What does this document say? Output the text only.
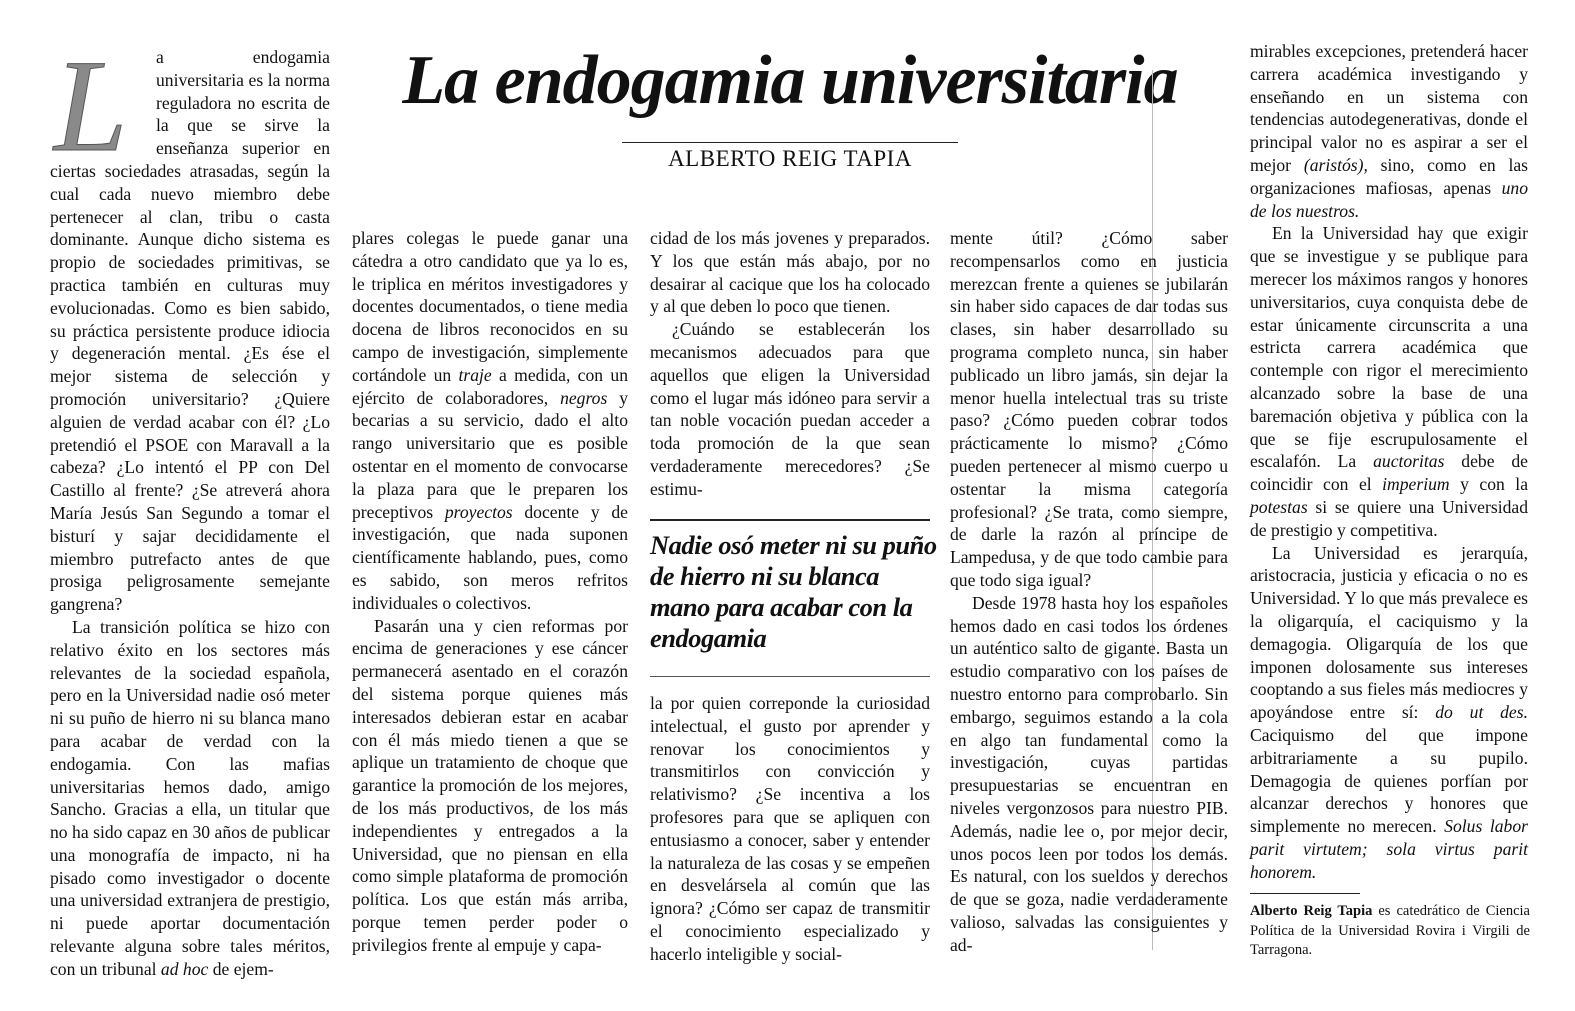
La endogamia universitaria
ALBERTO REIG TAPIA
L	a endogamia universitaria es la norma reguladora no escrita de la que se sirve la enseñanza superior en ciertas sociedades atrasadas, según la cual cada nuevo miembro debe pertenecer al clan, tribu o casta dominante. Aunque dicho sistema es propio de sociedades primitivas, se practica también en culturas muy evolucionadas. Como es bien sabido, su práctica persistente produce idiocia y degeneración mental. ¿Es ése el mejor sistema de selección y promoción universitario? ¿Quiere alguien de verdad acabar con él? ¿Lo pretendió el PSOE con Maravall a la cabeza? ¿Lo intentó el PP con Del Castillo al frente? ¿Se atreverá ahora María Jesús San Segundo a tomar el bisturí y sajar decididamente el miembro putrefacto antes de que prosiga peligrosamente semejante gangrena?

La transición política se hizo con relativo éxito en los sectores más relevantes de la sociedad española, pero en la Universidad nadie osó meter ni su puño de hierro ni su blanca mano para acabar de verdad con la endogamia. Con las mafias universitarias hemos dado, amigo Sancho. Gracias a ella, un titular que no ha sido capaz en 30 años de publicar una monografía de impacto, ni ha pisado como investigador o docente una universidad extranjera de prestigio, ni puede aportar documentación relevante alguna sobre tales méritos, con un tribunal ad hoc de ejem-

plares colegas le puede ganar una cátedra a otro candidato que ya lo es, le triplica en méritos investigadores y docentes documentados, o tiene media docena de libros reconocidos en su campo de investigación, simplemente cortándole un traje a medida, con un ejército de colaboradores, negros y becarias a su servicio, dado el alto rango universitario que es posible ostentar en el momento de convocarse la plaza para que le preparen los preceptivos proyectos docente y de investigación, que nada suponen científicamente hablando, pues, como es sabido, son meros refritos individuales o colectivos.

Pasarán una y cien reformas por encima de generaciones y ese cáncer permanecerá asentado en el corazón del sistema porque quienes más interesados debieran estar en acabar con él más miedo tienen a que se aplique un tratamiento de choque que garantice la promoción de los mejores, de los más productivos, de los más independientes y entregados a la Universidad, que no piensan en ella como simple plataforma de promoción política. Los que están más arriba, porque temen perder poder o privilegios frente al empuje y capa-

cidad de los más jovenes y preparados. Y los que están más abajo, por no desairar al cacique que los ha colocado y al que deben lo poco que tienen.

¿Cuándo se establecerán los mecanismos adecuados para que aquellos que eligen la Universidad como el lugar más idóneo para servir a tan noble vocación puedan acceder a toda promoción de la que sean verdaderamente merecedores? ¿Se estimu-

Nadie osó meter ni su puño de hierro ni su blanca mano para acabar con la endogamia

la por quien correponde la curiosidad intelectual, el gusto por aprender y renovar los conocimientos y transmitirlos con convicción y relativismo? ¿Se incentiva a los profesores para que se apliquen con entusiasmo a conocer, saber y entender la naturaleza de las cosas y se empeñen en desvelársela al común que las ignora? ¿Cómo ser capaz de transmitir el conocimiento especializado y hacerlo inteligible y social-

mente útil? ¿Cómo saber recompensarlos como en justicia merezcan frente a quienes se jubilarán sin haber sido capaces de dar todas sus clases, sin haber desarrollado su programa completo nunca, sin haber publicado un libro jamás, sin dejar la menor huella intelectual tras su triste paso? ¿Cómo pueden cobrar todos prácticamente lo mismo? ¿Cómo pueden pertenecer al mismo cuerpo u ostentar la misma categoría profesional? ¿Se trata, como siempre, de darle la razón al príncipe de Lampedusa, y de que todo cambie para que todo siga igual?

Desde 1978 hasta hoy los españoles hemos dado en casi todos los órdenes un auténtico salto de gigante. Basta un estudio comparativo con los países de nuestro entorno para comprobarlo. Sin embargo, seguimos estando a la cola en algo tan fundamental como la investigación, cuyas partidas presupuestarias se encuentran en niveles vergonzosos para nuestro PIB. Además, nadie lee o, por mejor decir, unos pocos leen por todos los demás. Es natural, con los sueldos y derechos de que se goza, nadie verdaderamente valioso, salvadas las consiguientes y ad-

mirables excepciones, pretenderá hacer carrera académica investigando y enseñando en un sistema con tendencias autodegenerativas, donde el principal valor no es aspirar a ser el mejor (aristós), sino, como en las organizaciones mafiosas, apenas uno de los nuestros.

En la Universidad hay que exigir que se investigue y se publique para merecer los máximos rangos y honores universitarios, cuya conquista debe de estar únicamente circunscrita a una estricta carrera académica que contemple con rigor el merecimiento alcanzado sobre la base de una baremación objetiva y pública con la que se fije escrupulosamente el escalafón. La auctoritas debe de coincidir con el imperium y con la potestas si se quiere una Universidad de prestigio y competitiva.

La Universidad es jerarquía, aristocracia, justicia y eficacia o no es Universidad. Y lo que más prevalece es la oligarquía, el caciquismo y la demagogia. Oligarquía de los que imponen dolosamente sus intereses cooptando a sus fieles más mediocres y apoyándose entre sí: do ut des. Caciquismo del que impone arbitrariamente a su pupilo. Demagogia de quienes porfían por alcanzar derechos y honores que simplemente no merecen. Solus labor parit virtutem; sola virtus parit honorem.

Alberto Reig Tapia es catedrático de Ciencia Política de la Universidad Rovira i Virgili de Tarragona.
